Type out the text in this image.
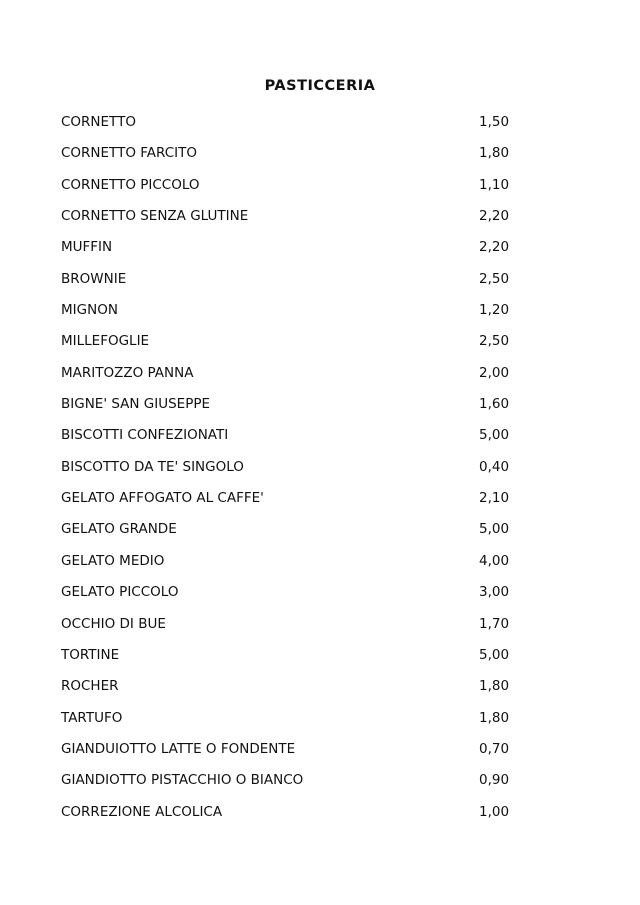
PASTICCERIA
CORNETTO	1,50
CORNETTO FARCITO	1,80
CORNETTO PICCOLO	1,10
CORNETTO SENZA GLUTINE	2,20
MUFFIN	2,20
BROWNIE	2,50
MIGNON	1,20
MILLEFOGLIE	2,50
MARITOZZO PANNA	2,00
BIGNE' SAN GIUSEPPE	1,60
BISCOTTI CONFEZIONATI	5,00
BISCOTTO DA TE' SINGOLO	0,40
GELATO AFFOGATO AL CAFFE'	2,10
GELATO GRANDE	5,00
GELATO MEDIO	4,00
GELATO PICCOLO	3,00
OCCHIO DI BUE	1,70
TORTINE	5,00
ROCHER	1,80
TARTUFO	1,80
GIANDUIOTTO LATTE O FONDENTE	0,70
GIANDIOTTO PISTACCHIO O BIANCO	0,90
CORREZIONE ALCOLICA	1,00
